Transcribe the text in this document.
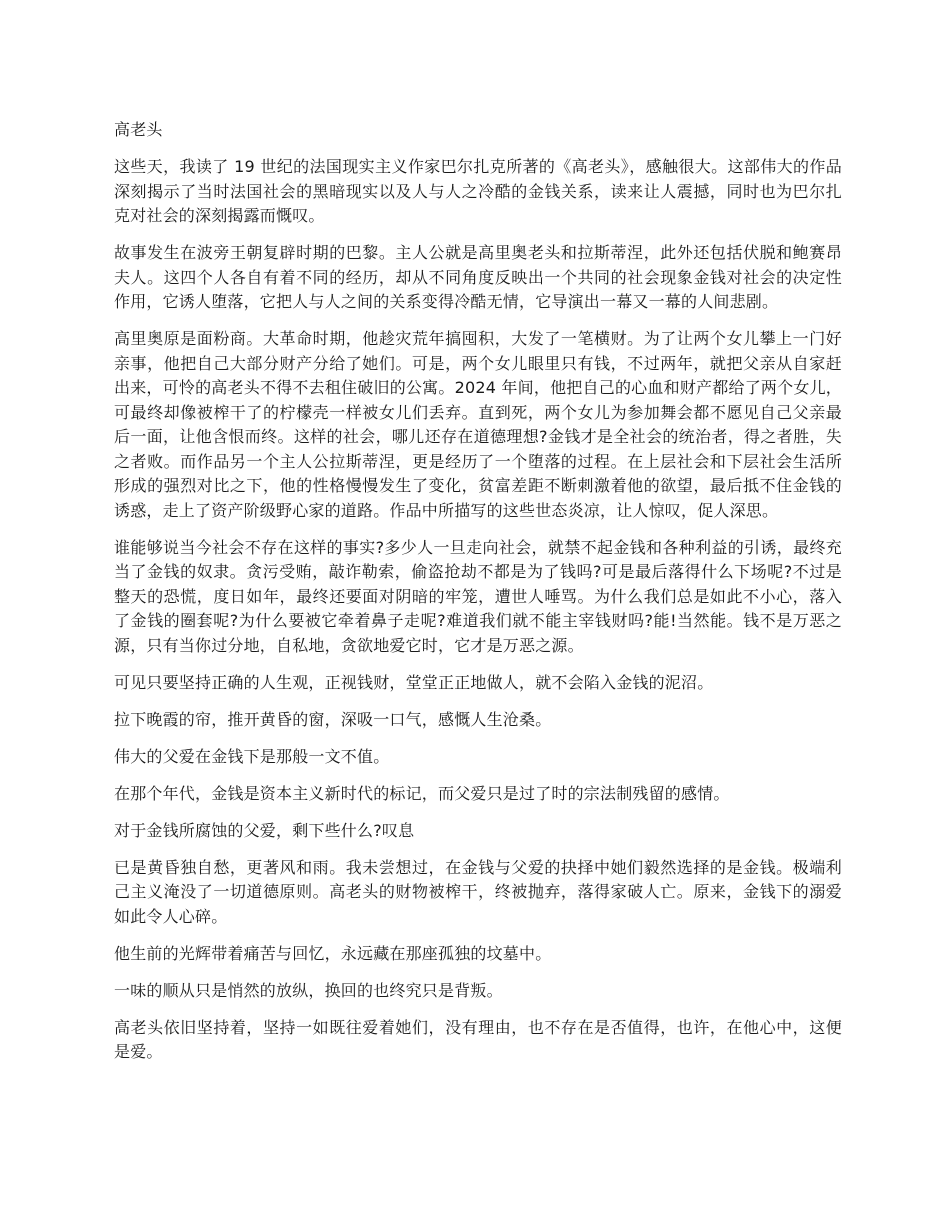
高老头

这些天，我读了 19 世纪的法国现实主义作家巴尔扎克所著的《高老头》，感触很大。这部伟大的作品深刻揭示了当时法国社会的黑暗现实以及人与人之冷酷的金钱关系，读来让人震撼，同时也为巴尔扎克对社会的深刻揭露而慨叹。

故事发生在波旁王朝复辟时期的巴黎。主人公就是高里奥老头和拉斯蒂涅，此外还包括伏脱和鲍赛昂夫人。这四个人各自有着不同的经历，却从不同角度反映出一个共同的社会现象金钱对社会的决定性作用，它诱人堕落，它把人与人之间的关系变得冷酷无情，它导演出一幕又一幕的人间悲剧。

高里奥原是面粉商。大革命时期，他趁灾荒年搞囤积，大发了一笔横财。为了让两个女儿攀上一门好亲事，他把自己大部分财产分给了她们。可是，两个女儿眼里只有钱，不过两年，就把父亲从自家赶出来，可怜的高老头不得不去租住破旧的公寓。2024 年间，他把自己的心血和财产都给了两个女儿，可最终却像被榨干了的柠檬壳一样被女儿们丢弃。直到死，两个女儿为参加舞会都不愿见自己父亲最后一面，让他含恨而终。这样的社会，哪儿还存在道德理想?金钱才是全社会的统治者，得之者胜，失之者败。而作品另一个主人公拉斯蒂涅，更是经历了一个堕落的过程。在上层社会和下层社会生活所形成的强烈对比之下，他的性格慢慢发生了变化，贫富差距不断刺激着他的欲望，最后抵不住金钱的诱惑，走上了资产阶级野心家的道路。作品中所描写的这些世态炎凉，让人惊叹，促人深思。

谁能够说当今社会不存在这样的事实?多少人一旦走向社会，就禁不起金钱和各种利益的引诱，最终充当了金钱的奴隶。贪污受贿，敲诈勒索，偷盗抢劫不都是为了钱吗?可是最后落得什么下场呢?不过是整天的恐慌，度日如年，最终还要面对阴暗的牢笼，遭世人唾骂。为什么我们总是如此不小心，落入了金钱的圈套呢?为什么要被它牵着鼻子走呢?难道我们就不能主宰钱财吗?能!当然能。钱不是万恶之源，只有当你过分地，自私地，贪欲地爱它时，它才是万恶之源。

可见只要坚持正确的人生观，正视钱财，堂堂正正地做人，就不会陷入金钱的泥沼。

拉下晚霞的帘，推开黄昏的窗，深吸一口气，感慨人生沧桑。

伟大的父爱在金钱下是那般一文不值。

在那个年代，金钱是资本主义新时代的标记，而父爱只是过了时的宗法制残留的感情。

对于金钱所腐蚀的父爱，剩下些什么?叹息

已是黄昏独自愁，更著风和雨。我未尝想过，在金钱与父爱的抉择中她们毅然选择的是金钱。极端利己主义淹没了一切道德原则。高老头的财物被榨干，终被抛弃，落得家破人亡。原来，金钱下的溺爱如此令人心碎。

他生前的光辉带着痛苦与回忆，永远藏在那座孤独的坟墓中。

一味的顺从只是悄然的放纵，换回的也终究只是背叛。

高老头依旧坚持着，坚持一如既往爱着她们，没有理由，也不存在是否值得，也许，在他心中，这便是爱。
